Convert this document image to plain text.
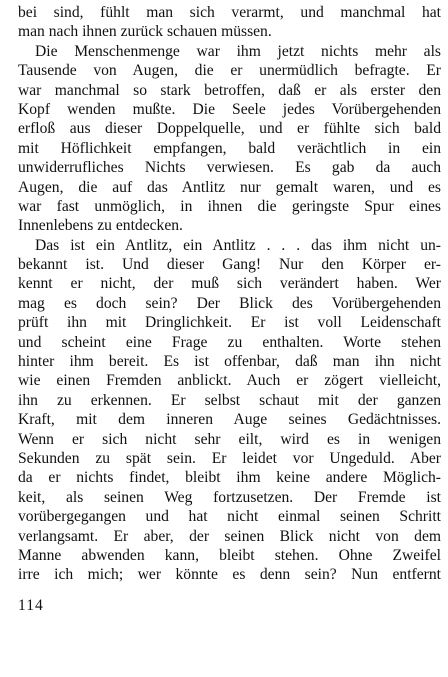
bei sind, fühlt man sich verarmt, und manchmal hat
man nach ihnen zurück schauen müssen.
Die Menschenmenge war ihm jetzt nichts mehr als
Tausende von Augen, die er unermüdlich befragte. Er
war manchmal so stark betroffen, daß er als erster den
Kopf wenden mußte. Die Seele jedes Vorübergehenden
erfloß aus dieser Doppelquelle, und er fühlte sich bald
mit Höflichkeit empfangen, bald verächtlich in ein
unwiderrufliches Nichts verwiesen. Es gab da auch
Augen, die auf das Antlitz nur gemalt waren, und es
war fast unmöglich, in ihnen die geringste Spur eines
Innenlebens zu entdecken.
Das ist ein Antlitz, ein Antlitz . . . das ihm nicht un-
bekannt ist. Und dieser Gang! Nur den Körper er-
kennt er nicht, der muß sich verändert haben. Wer
mag es doch sein? Der Blick des Vorübergehenden
prüft ihn mit Dringlichkeit. Er ist voll Leidenschaft
und scheint eine Frage zu enthalten. Worte stehen
hinter ihm bereit. Es ist offenbar, daß man ihn nicht
wie einen Fremden anblickt. Auch er zögert vielleicht,
ihn zu erkennen. Er selbst schaut mit der ganzen
Kraft, mit dem inneren Auge seines Gedächtnisses.
Wenn er sich nicht sehr eilt, wird es in wenigen
Sekunden zu spät sein. Er leidet vor Ungeduld. Aber
da er nichts findet, bleibt ihm keine andere Möglich-
keit, als seinen Weg fortzusetzen. Der Fremde ist
vorübergegangen und hat nicht einmal seinen Schritt
verlangsamt. Er aber, der seinen Blick nicht von dem
Manne abwenden kann, bleibt stehen. Ohne Zweifel
irre ich mich; wer könnte es denn sein? Nun entfernt
114
